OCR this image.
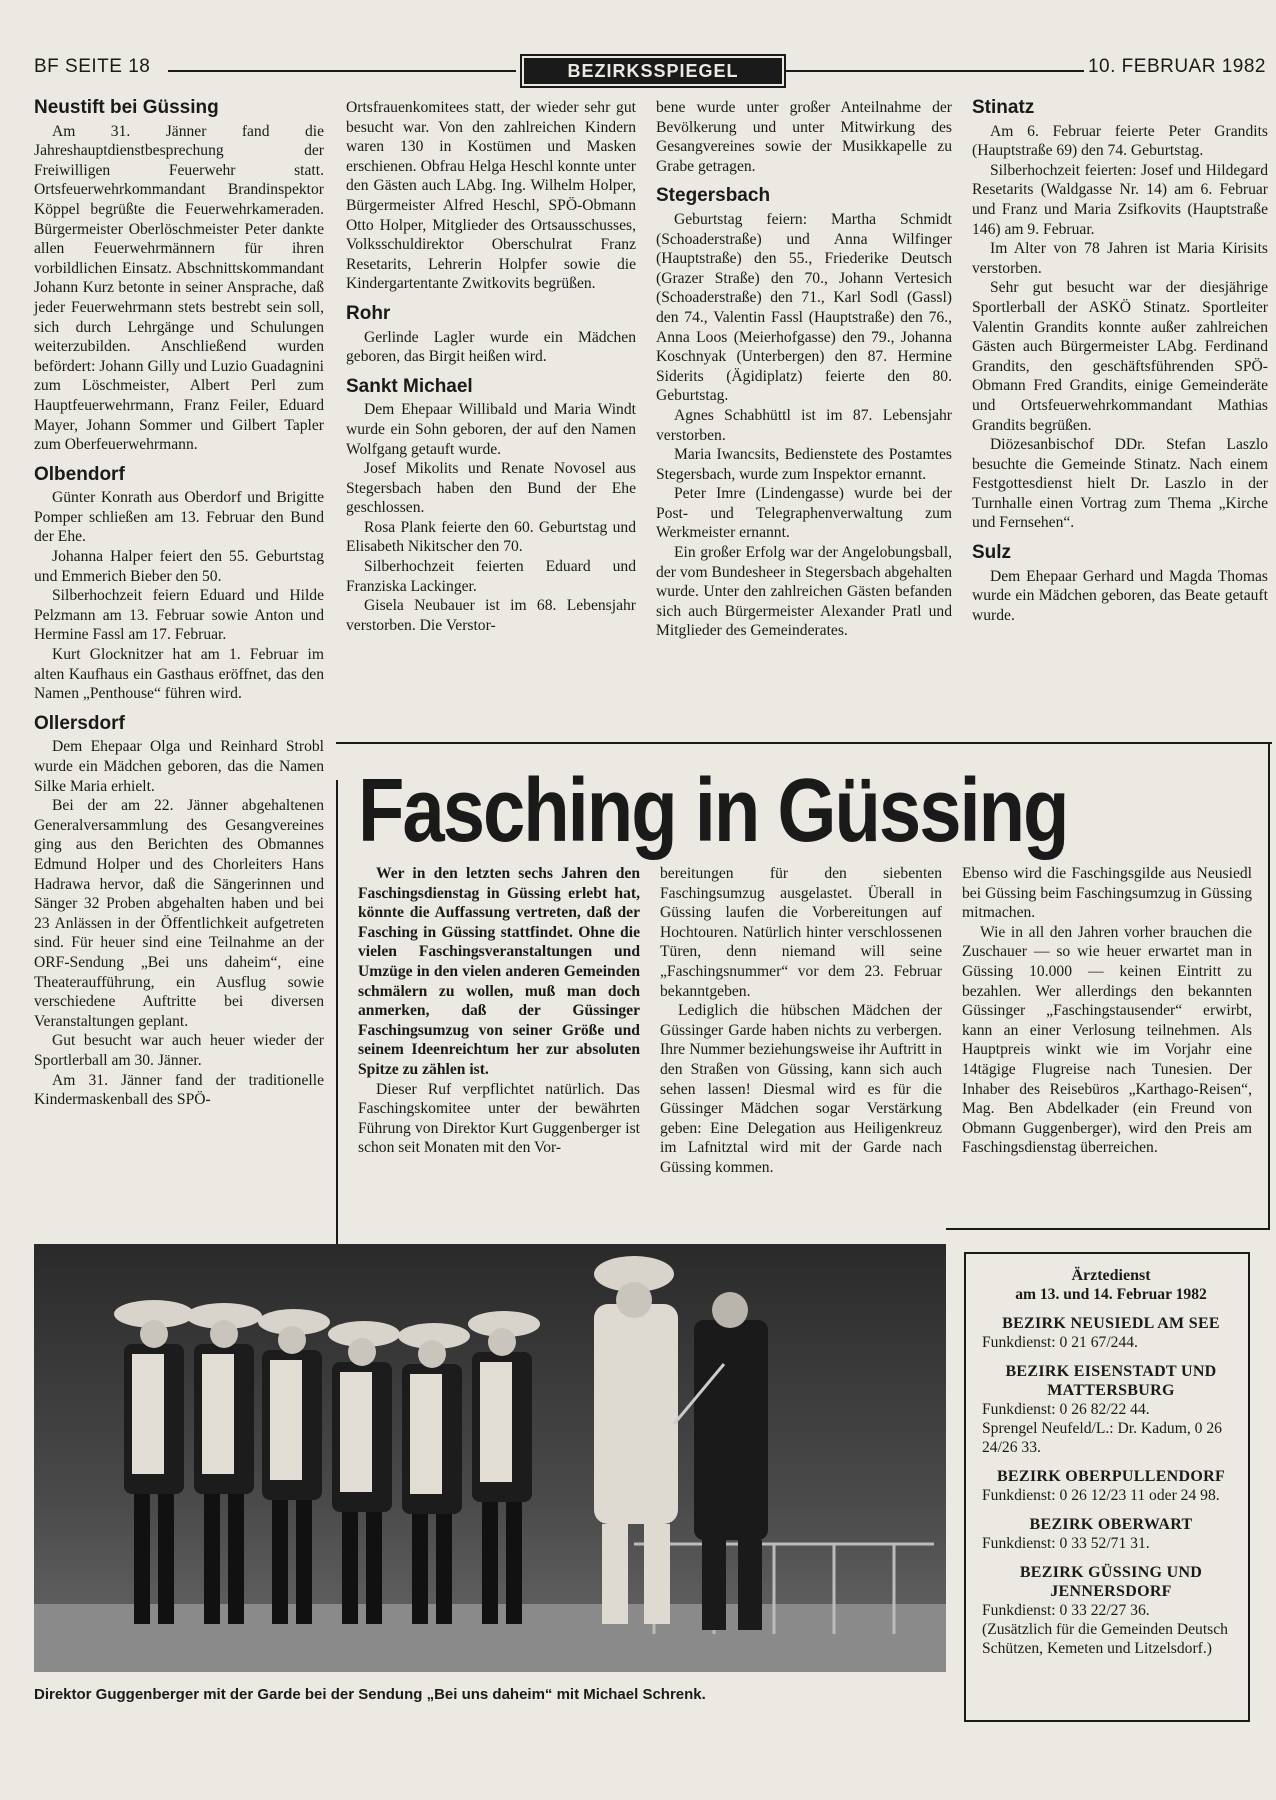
BF SEITE 18	BEZIRKSSPIEGEL	10. FEBRUAR 1982
Neustift bei Güssing

Am 31. Jänner fand die Jahreshauptdienstbesprechung der Freiwilligen Feuerwehr statt. Ortsfeuerwehrkommandant Brandinspektor Köppel begrüßte die Feuerwehrkameraden. Bürgermeister Oberlöschmeister Peter dankte allen Feuerwehrmännern für ihren vorbildlichen Einsatz. Abschnittskommandant Johann Kurz betonte in seiner Ansprache, daß jeder Feuerwehrmann stets bestrebt sein soll, sich durch Lehrgänge und Schulungen weiterzubilden. Anschließend wurden befördert: Johann Gilly und Luzio Guadagnini zum Löschmeister, Albert Perl zum Hauptfeuerwehrmann, Franz Feiler, Eduard Mayer, Johann Sommer und Gilbert Tapler zum Oberfeuerwehrmann.

Olbendorf

Günter Konrath aus Oberdorf und Brigitte Pomper schließen am 13. Februar den Bund der Ehe.

Johanna Halper feiert den 55. Geburtstag und Emmerich Bieber den 50.

Silberhochzeit feiern Eduard und Hilde Pelzmann am 13. Februar sowie Anton und Hermine Fassl am 17. Februar.

Kurt Glocknitzer hat am 1. Februar im alten Kaufhaus ein Gasthaus eröffnet, das den Namen „Penthouse“ führen wird.

Ollersdorf

Dem Ehepaar Olga und Reinhard Strobl wurde ein Mädchen geboren, das die Namen Silke Maria erhielt.

Bei der am 22. Jänner abgehaltenen Generalversammlung des Gesangvereines ging aus den Berichten des Obmannes Edmund Holper und des Chorleiters Hans Hadrawa hervor, daß die Sängerinnen und Sänger 32 Proben abgehalten haben und bei 23 Anlässen in der Öffentlichkeit aufgetreten sind. Für heuer sind eine Teilnahme an der ORF-Sendung „Bei uns daheim“, eine Theateraufführung, ein Ausflug sowie verschiedene Auftritte bei diversen Veranstaltungen geplant.

Gut besucht war auch heuer wieder der Sportlerball am 30. Jänner.

Am 31. Jänner fand der traditionelle Kindermaskenball des SPÖ-

Ortsfrauenkomitees statt, der wieder sehr gut besucht war. Von den zahlreichen Kindern waren 130 in Kostümen und Masken erschienen. Obfrau Helga Heschl konnte unter den Gästen auch LAbg. Ing. Wilhelm Holper, Bürgermeister Alfred Heschl, SPÖ-Obmann Otto Holper, Mitglieder des Ortsausschusses, Volksschuldirektor Oberschulrat Franz Resetarits, Lehrerin Holpfer sowie die Kindergartentante Zwitkovits begrüßen.

Rohr

Gerlinde Lagler wurde ein Mädchen geboren, das Birgit heißen wird.

Sankt Michael

Dem Ehepaar Willibald und Maria Windt wurde ein Sohn geboren, der auf den Namen Wolfgang getauft wurde.

Josef Mikolits und Renate Novosel aus Stegersbach haben den Bund der Ehe geschlossen.

Rosa Plank feierte den 60. Geburtstag und Elisabeth Nikitscher den 70.

Silberhochzeit feierten Eduard und Franziska Lackinger.

Gisela Neubauer ist im 68. Lebensjahr verstorben. Die Verstor-

bene wurde unter großer Anteilnahme der Bevölkerung und unter Mitwirkung des Gesangvereines sowie der Musikkapelle zu Grabe getragen.

Stegersbach

Geburtstag feiern: Martha Schmidt (Schoaderstraße) und Anna Wilfinger (Hauptstraße) den 55., Friederike Deutsch (Grazer Straße) den 70., Johann Vertesich (Schoaderstraße) den 71., Karl Sodl (Gassl) den 74., Valentin Fassl (Hauptstraße) den 76., Anna Loos (Meierhofgasse) den 79., Johanna Koschnyak (Unterbergen) den 87. Hermine Siderits (Ägidiplatz) feierte den 80. Geburtstag.

Agnes Schabhüttl ist im 87. Lebensjahr verstorben.

Maria Iwancsits, Bedienstete des Postamtes Stegersbach, wurde zum Inspektor ernannt.

Peter Imre (Lindengasse) wurde bei der Post- und Telegraphenverwaltung zum Werkmeister ernannt.

Ein großer Erfolg war der Angelobungsball, der vom Bundesheer in Stegersbach abgehalten wurde. Unter den zahlreichen Gästen befanden sich auch Bürgermeister Alexander Pratl und Mitglieder des Gemeinderates.

Stinatz

Am 6. Februar feierte Peter Grandits (Hauptstraße 69) den 74. Geburtstag.

Silberhochzeit feierten: Josef und Hildegard Resetarits (Waldgasse Nr. 14) am 6. Februar und Franz und Maria Zsifkovits (Hauptstraße 146) am 9. Februar.

Im Alter von 78 Jahren ist Maria Kirisits verstorben.

Sehr gut besucht war der diesjährige Sportlerball der ASKÖ Stinatz. Sportleiter Valentin Grandits konnte außer zahlreichen Gästen auch Bürgermeister LAbg. Ferdinand Grandits, den geschäftsführenden SPÖ-Obmann Fred Grandits, einige Gemeinderäte und Ortsfeuerwehrkommandant Mathias Grandits begrüßen.

Diözesanbischof DDr. Stefan Laszlo besuchte die Gemeinde Stinatz. Nach einem Festgottesdienst hielt Dr. Laszlo in der Turnhalle einen Vortrag zum Thema „Kirche und Fernsehen“.

Sulz

Dem Ehepaar Gerhard und Magda Thomas wurde ein Mädchen geboren, das Beate getauft wurde.

Fasching in Güssing

Wer in den letzten sechs Jahren den Faschingsdienstag in Güssing erlebt hat, könnte die Auffassung vertreten, daß der Fasching in Güssing stattfindet. Ohne die vielen Faschingsveranstaltungen und Umzüge in den vielen anderen Gemeinden schmälern zu wollen, muß man doch anmerken, daß der Güssinger Faschingsumzug von seiner Größe und seinem Ideenreichtum her zur absoluten Spitze zu zählen ist.

Dieser Ruf verpflichtet natürlich. Das Faschingskomitee unter der bewährten Führung von Direktor Kurt Guggenberger ist schon seit Monaten mit den Vor-

bereitungen für den siebenten Faschingsumzug ausgelastet. Überall in Güssing laufen die Vorbereitungen auf Hochtouren. Natürlich hinter verschlossenen Türen, denn niemand will seine „Faschingsnummer“ vor dem 23. Februar bekanntgeben.

Lediglich die hübschen Mädchen der Güssinger Garde haben nichts zu verbergen. Ihre Nummer beziehungsweise ihr Auftritt in den Straßen von Güssing, kann sich auch sehen lassen! Diesmal wird es für die Güssinger Mädchen sogar Verstärkung geben: Eine Delegation aus Heiligenkreuz im Lafnitztal wird mit der Garde nach Güssing kommen.

Ebenso wird die Faschingsgilde aus Neusiedl bei Güssing beim Faschingsumzug in Güssing mitmachen.

Wie in all den Jahren vorher brauchen die Zuschauer — so wie heuer erwartet man in Güssing 10.000 — keinen Eintritt zu bezahlen. Wer allerdings den bekannten Güssinger „Faschingstausender“ erwirbt, kann an einer Verlosung teilnehmen. Als Hauptpreis winkt wie im Vorjahr eine 14tägige Flugreise nach Tunesien. Der Inhaber des Reisebüros „Karthago-Reisen“, Mag. Ben Abdelkader (ein Freund von Obmann Guggenberger), wird den Preis am Faschingsdienstag überreichen.

Direktor Guggenberger mit der Garde bei der Sendung „Bei uns daheim“ mit Michael Schrenk.
Ärztedienst
am 13. und 14. Februar 1982
BEZIRK NEUSIEDL AM SEE

Funkdienst: 0 21 67/244.

BEZIRK EISENSTADT UND MATTERSBURG

Funkdienst: 0 26 82/22 44.

Sprengel Neufeld/L.: Dr. Kadum, 0 26 24/26 33.

BEZIRK OBERPULLENDORF

Funkdienst: 0 26 12/23 11 oder 24 98.

BEZIRK OBERWART

Funkdienst: 0 33 52/71 31.

BEZIRK GÜSSING UND JENNERSDORF

Funkdienst: 0 33 22/27 36.

(Zusätzlich für die Gemeinden Deutsch Schützen, Kemeten und Litzelsdorf.)
